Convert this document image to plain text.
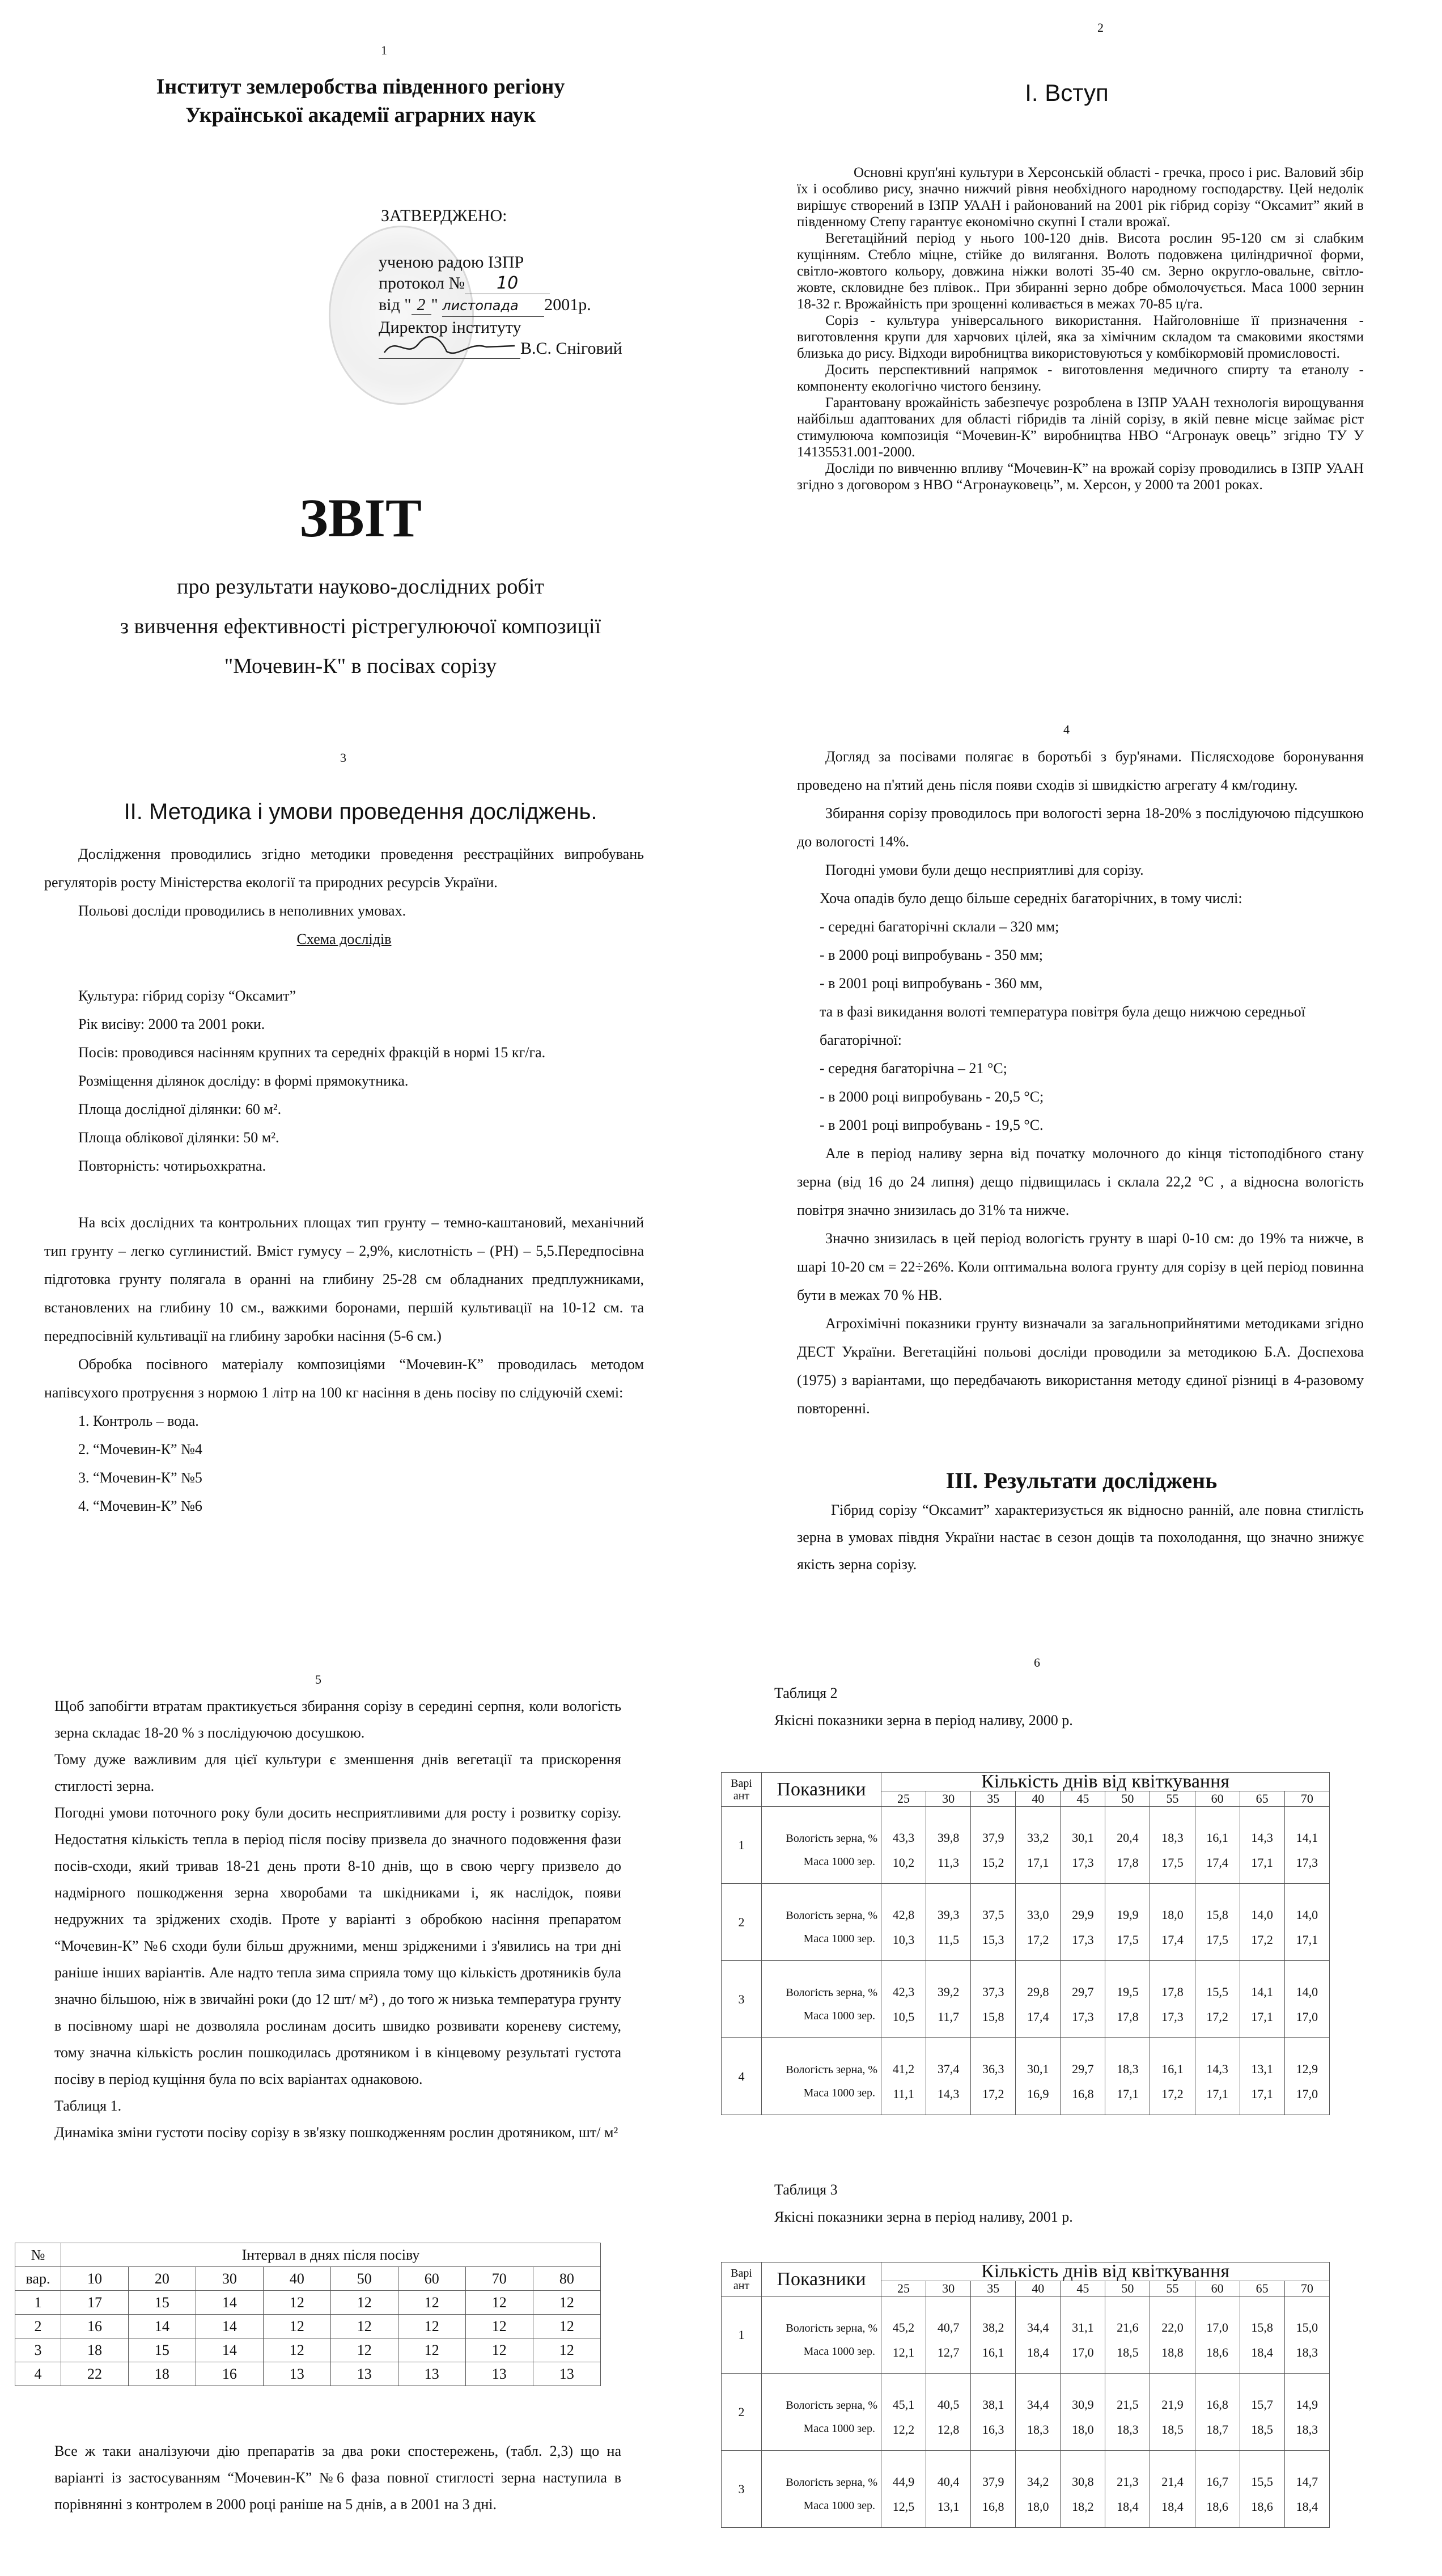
1
Інститут землеробства південного регіону
Української академії аграрних наук
ЗАТВЕРДЖЕНО:
ученою радою ІЗПР
протокол № 10
від " 2 " листопада 2001р.
Директор інституту
В.С. Сніговий
ЗВІТ
про результати науково-дослідних робіт
з вивчення ефективності рістрегулюючої композиції
"Мочевин-К" в посівах сорізу
2
I. Вступ

Основні круп'яні культури в Херсонській області - гречка, просо і рис. Валовий збір їх і особливо рису, значно нижчий рівня необхідного народному господарству. Цей недолік вирішує створений в ІЗПР УААН і районований на 2001 рік гібрид сорізу “Оксамит” який в південному Степу гарантує економічно скупні І стали врожаї.

Вегетаційний період у нього 100-120 днів. Висота рослин 95-120 см зі слабким кущінням. Стебло міцне, стійке до вилягання. Волоть подовжена циліндричної форми, світло-жовтого кольору, довжина ніжки волоті 35-40 см. Зерно округло-овальне, світло-жовте, скловидне без плівок.. При збиранні зерно добре обмолочується. Маса 1000 зернин 18-32 г. Врожайність при зрощенні коливається в межах 70-85 ц/га.

Соріз - культура універсального використання. Найголовніше її призначення - виготовлення крупи для харчових цілей, яка за хімічним складом та смаковими якостями близька до рису. Відходи виробництва використовуються у комбікормовій промисловості.

Досить перспективний напрямок - виготовлення медичного спирту та етанолу - компоненту екологічно чистого бензину.

Гарантовану врожайність забезпечує розроблена в ІЗПР УААН технологія вирощування найбільш адаптованих для області гібридів та ліній сорізу, в якій певне місце займає ріст стимулюючa композиція “Мочевин-К” виробництва НВО “Агронаук овець” згідно ТУ У 14135531.001-2000.

Досліди по вивченню впливу “Мочевин-К” на врожай сорізу проводились в ІЗПР УААН згідно з договором з НВО “Агронауковець”, м. Херсон, у 2000 та 2001 роках.

3
II. Методика і умови проведення досліджень.

Дослідження проводились згідно методики проведення реєстраційних випробувань регуляторів росту Міністерства екології та природних ресурсів України.

Польові досліди проводились в неполивних умовах.

Схема дослідів

Культура: гібрид сорізу “Оксамит”

Рік висіву: 2000 та 2001 роки.

Посів: проводився насінням крупних та середніх фракцій в нормі 15 кг/га.

Розміщення ділянок досліду: в формі прямокутника.

Площа дослідної ділянки: 60 м².

Площа облікової ділянки: 50 м².

Повторність: чотирьохкратна.

На всіх дослідних та контрольних площах тип грунту – темно-каштановий, механічний тип грунту – легко суглинистий. Вміст гумусу – 2,9%, кислотність – (PH) – 5,5.Передпосівна підготовка грунту полягала в оранні на глибину 25-28 см обладнаних предплужниками, встановлених на глибину 10 см., важкими боронами, першій культивації на 10-12 см. та передпосівній культивації на глибину заробки насіння (5-6 см.)

Обробка посівного матеріалу композиціями “Мочевин-К” проводилась методом напівсухого протруєння з нормою 1 літр на 100 кг насіння в день посіву по слідуючій схемі:

1. Контроль – вода.

2. “Мочевин-К” №4

3. “Мочевин-К” №5

4. “Мочевин-К” №6

4

Догляд за посівами полягає в боротьбі з бур'янами. Післясходове боронування проведено на п'ятий день після появи сходів зі швидкістю агрегату 4 км/годину.

Збирання сорізу проводилось при вологості зерна 18-20% з послідуючою підсушкою до вологості 14%.

Погодні умови були дещо несприятливі для сорізу.

Хоча опадів було дещо більше середніх багаторічних, в тому числі:

- середні багаторічні склали – 320 мм;

- в 2000 році випробувань - 350 мм;

- в 2001 році випробувань - 360 мм,

та в фазі викидання волоті температура повітря була дещо нижчою середньої багаторічної:

- середня багаторічна – 21 °С;

- в 2000 році випробувань - 20,5 °С;

- в 2001 році випробувань - 19,5 °С.

Але в період наливу зерна від початку молочного до кінця тістоподібного стану зерна (від 16 до 24 липня) дещо підвищилась і склала 22,2 °С , а відносна вологість повітря значно знизилась до 31% та нижче.

Значно знизилась в цей період вологість грунту в шарі 0-10 см: до 19% та нижче, в шарі 10-20 см = 22÷26%. Коли оптимальна волога грунту для сорізу в цей період повинна бути в межах 70 % НВ.

Агрохімічні показники грунту визначали за загальноприйнятими методиками згідно ДЕСТ України. Вегетаційні польові досліди проводили за методикою Б.А. Доспехова (1975) з варіантами, що передбачають використання методу єдиної різниці в 4-разовому повторенні.

III. Результати досліджень

Гібрид сорізу “Оксамит” характеризується як відносно ранній, але повна стиглість зерна в умовах півдня України настає в сезон дощів та похолодання, що значно знижує якість зерна сорізу.

5

Щоб запобігти втратам практикується збирання сорізу в середині серпня, коли вологість зерна складає 18-20 % з послідуючою досушкою.

Тому дуже важливим для цієї культури є зменшення днів вегетації та прискорення стиглості зерна.

Погодні умови поточного року були досить несприятливими для росту і розвитку сорізу. Недостатня кількість тепла в період після посіву призвела до значного подовження фази посів-сходи, який тривав 18-21 день проти 8-10 днів, що в свою чергу призвело до надмірного пошкодження зерна хворобами та шкідниками і, як наслідок, появи недружних та зріджених сходів. Проте у варіанті з обробкою насіння препаратом “Мочевин-К” №6 сходи були більш дружними, менш зрідженими і з'явились на три дні раніше інших варіантів. Але надто тепла зима сприяла тому що кількість дротяників була значно більшою, ніж в звичайні роки (до 12 шт/ м²) , до того ж низька температура грунту в посівному шарі не дозволяла рослинам досить швидко розвивати кореневу систему, тому значна кількість рослин пошкодилась дротяником і в кінцевому результаті густота посіву в період кущіння була по всіх варіантах однаковою.

Таблиця 1.

Динаміка зміни густоти посіву сорізу в зв'язку пошкодженням рослин дротяником, шт/ м²

№	Інтервал в днях після посіву							
вар.	10	20	30	40	50	60	70	80
1	17	15	14	12	12	12	12	12
2	16	14	14	12	12	12	12	12
3	18	15	14	12	12	12	12	12
4	22	18	16	13	13	13	13	13

Все ж таки аналізуючи дію препаратів за два роки спостережень, (табл. 2,3) що на варіанті із застосуванням “Мочевин-К” №6 фаза повної стиглості зерна наступила в порівнянні з контролем в 2000 році раніше на 5 днів, а в 2001 на 3 дні.

6
Таблиця 2
Якісні показники зерна в період наливу, 2000 р.
Варі ант	Показники	Кількість днів від квіткування									
		25	30	35	40	45	50	55	60	65	70
1	Вологість зерна, %	43,3	39,8	37,9	33,2	30,1	20,4	18,3	16,1	14,3	14,1
	Маса 1000 зер.	10,2	11,3	15,2	17,1	17,3	17,8	17,5	17,4	17,1	17,3
2	Вологість зерна, %	42,8	39,3	37,5	33,0	29,9	19,9	18,0	15,8	14,0	14,0
	Маса 1000 зер.	10,3	11,5	15,3	17,2	17,3	17,5	17,4	17,5	17,2	17,1
3	Вологість зерна, %	42,3	39,2	37,3	29,8	29,7	19,5	17,8	15,5	14,1	14,0
	Маса 1000 зер.	10,5	11,7	15,8	17,4	17,3	17,8	17,3	17,2	17,1	17,0
4	Вологість зерна, %	41,2	37,4	36,3	30,1	29,7	18,3	16,1	14,3	13,1	12,9
	Маса 1000 зер.	11,1	14,3	17,2	16,9	16,8	17,1	17,2	17,1	17,1	17,0
Таблиця 3
Якісні показники зерна в період наливу, 2001 р.
Варі ант	Показники	Кількість днів від квіткування									
		25	30	35	40	45	50	55	60	65	70
1	Вологість зерна, %	45,2	40,7	38,2	34,4	31,1	21,6	22,0	17,0	15,8	15,0
	Маса 1000 зер.	12,1	12,7	16,1	18,4	17,0	18,5	18,8	18,6	18,4	18,3
2	Вологість зерна, %	45,1	40,5	38,1	34,4	30,9	21,5	21,9	16,8	15,7	14,9
	Маса 1000 зер.	12,2	12,8	16,3	18,3	18,0	18,3	18,5	18,7	18,5	18,3
3	Вологість зерна, %	44,9	40,4	37,9	34,2	30,8	21,3	21,4	16,7	15,5	14,7
	Маса 1000 зер.	12,5	13,1	16,8	18,0	18,2	18,4	18,4	18,6	18,6	18,4
